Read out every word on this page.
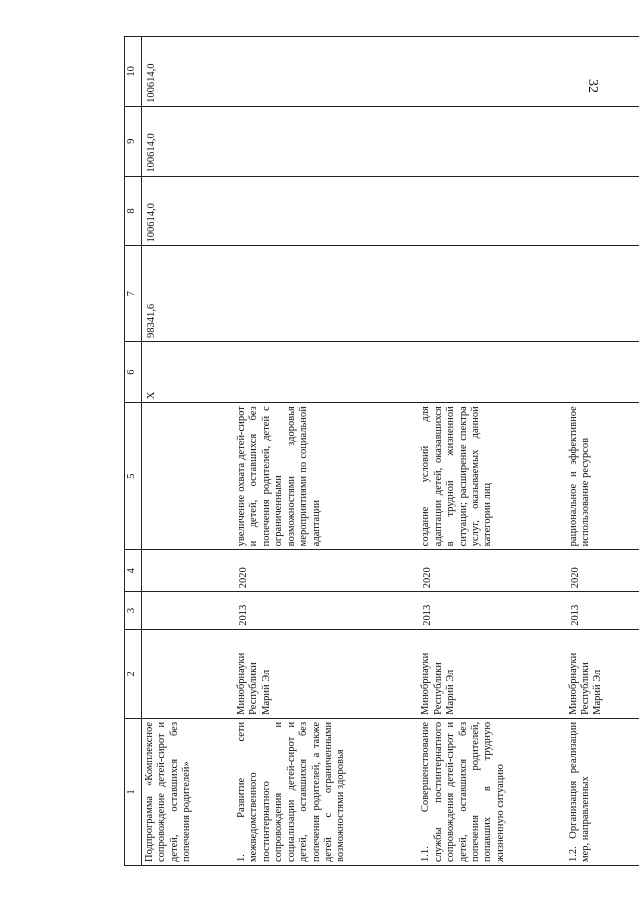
32
1	2	3	4	5	6	7	8	9	10
Подпрограмма «Комплексное сопровождение детей-сирот и детей, оставшихся без попечения родителей»					X	98341,6	100614,0	100614,0	100614,0
1. Развитие сети межведомственного постинтернатного сопровождения и социализации детей-сирот и детей, оставшихся без попечения родителей, а также детей с ограниченными возможностями здоровья	Минобрнауки Республики Марий Эл	2013	2020	увеличение охвата детей-сирот и детей, оставшихся без попечения родителей, детей с ограниченными возможностями здоровья мероприятиями по социальной адаптации					
1.1. Совершенствование службы постинтернатного сопровождения детей-сирот и детей, оставшихся без попечения родителей, попавших в трудную жизненную ситуацию	Минобрнауки Республики Марий Эл	2013	2020	создание условий для адаптации детей, оказавшихся в трудной жизненной ситуации; расширение спектра услуг, оказываемых данной категории лиц					
1.2. Организация реализации мер, направленных	Минобрнауки Республики Марий Эл	2013	2020	рациональное и эффективное использование ресурсов					
